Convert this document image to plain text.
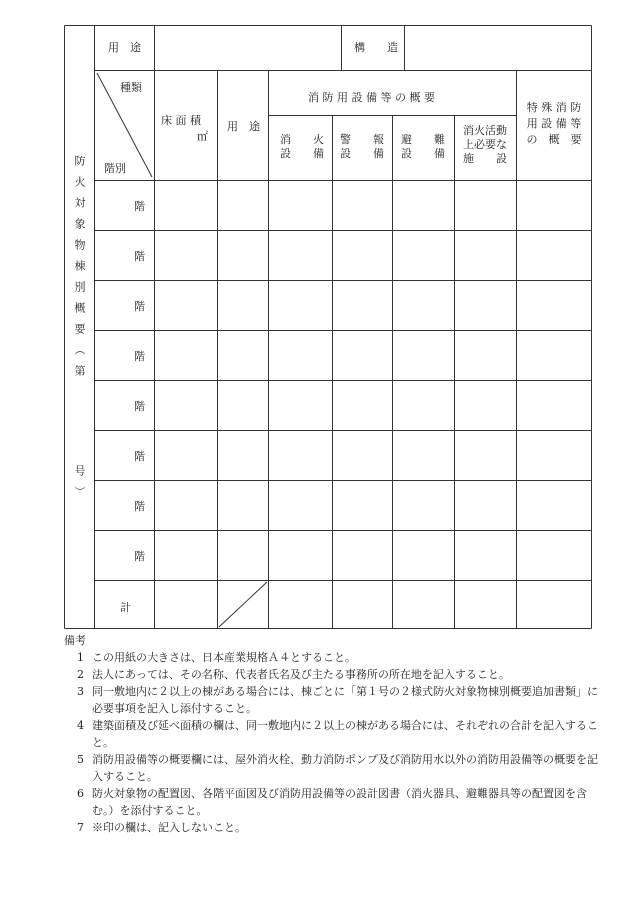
防火対象物棟別概要（第
号）
用　途	構　　造
種類
階別
床 面 積
㎡
用　途
消 防 用 設 備 等 の 概 要
消　　火
設　　備
警　　報
設　　備
避　　難
設　　備
消火活動
上必要な
施　　設
特 殊 消 防
用 設 備 等
の　概　要
階
階
階
階
階
階
階
階
計
備考
1 この用紙の大きさは、日本産業規格Ａ４とすること。
2 法人にあっては、その名称、代表者氏名及び主たる事務所の所在地を記入すること。
3 同一敷地内に２以上の棟がある場合には、棟ごとに「第１号の２様式防火対象物棟別概要追加書類」に必要事項を記入し添付すること。
4 建築面積及び延べ面積の欄は、同一敷地内に２以上の棟がある場合には、それぞれの合計を記入すること。
5 消防用設備等の概要欄には、屋外消火栓、動力消防ポンプ及び消防用水以外の消防用設備等の概要を記入すること。
6 防火対象物の配置図、各階平面図及び消防用設備等の設計図書（消火器具、避難器具等の配置図を含む。）を添付すること。
7 ※印の欄は、記入しないこと。
